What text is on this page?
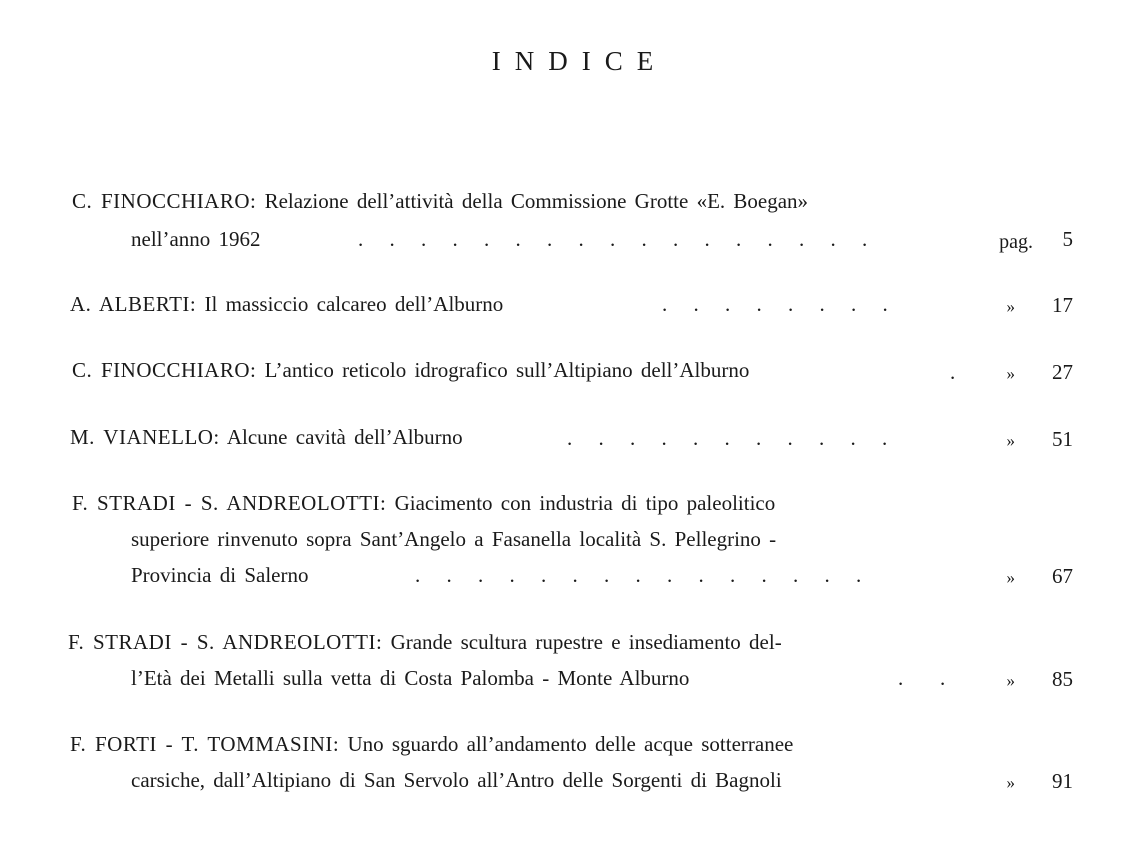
INDICE
C. FINOCCHIARO: Relazione dell’attività della Commissione Grotte «E. Boegan»
nell’anno 1962	.     .     .     .     .     .     .     .     .     .     .     .     .     .     .     .     .	pag.	5
A. ALBERTI: Il massiccio calcareo dell’Alburno	.     .     .     .     .     .     .     .	»	17
C. FINOCCHIARO: L’antico reticolo idrografico sull’Altipiano dell’Alburno	.	»	27
M. VIANELLO: Alcune cavità dell’Alburno	.     .     .     .     .     .     .     .     .     .     .	»	51
F. STRADI - S. ANDREOLOTTI: Giacimento con industria di tipo paleolitico
superiore rinvenuto sopra Sant’Angelo a Fasanella località S. Pellegrino -
Provincia di Salerno	.     .     .     .     .     .     .     .     .     .     .     .     .     .     .	»	67
F. STRADI - S. ANDREOLOTTI: Grande scultura rupestre e insediamento del-
l’Età dei Metalli sulla vetta di Costa Palomba - Monte Alburno	.       .	»	85
F. FORTI - T. TOMMASINI: Uno sguardo all’andamento delle acque sotterranee
carsiche, dall’Altipiano di San Servolo all’Antro delle Sorgenti di Bagnoli	»	91
